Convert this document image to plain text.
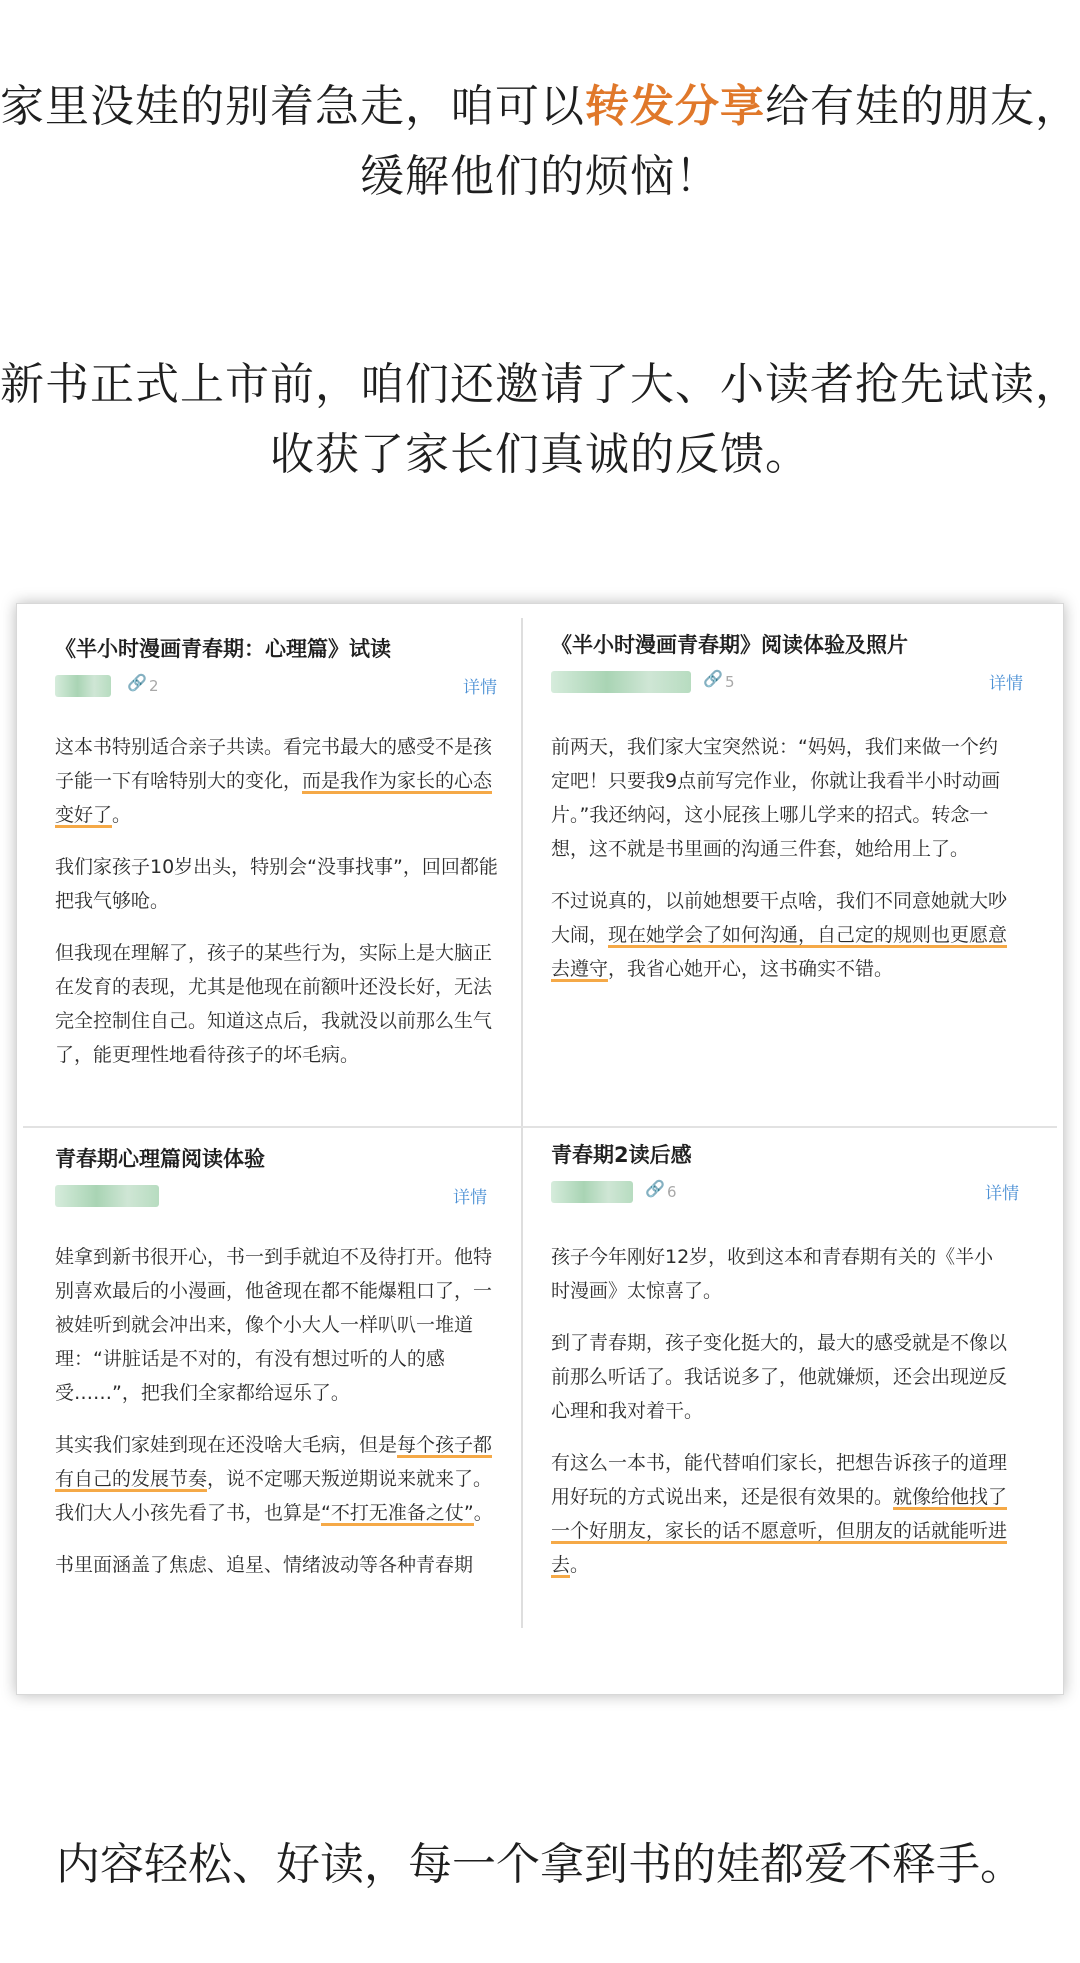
家里没娃的别着急走，咱可以转发分享给有娃的朋友，

缓解他们的烦恼！

新书正式上市前，咱们还邀请了大、小读者抢先试读，

收获了家长们真诚的反馈。

《半小时漫画青春期：心理篇》试读
🔗 2	详情

这本书特别适合亲子共读。看完书最大的感受不是孩子能一下有啥特别大的变化，而是我作为家长的心态变好了。

我们家孩子10岁出头，特别会“没事找事”，回回都能把我气够呛。

但我现在理解了，孩子的某些行为，实际上是大脑正在发育的表现，尤其是他现在前额叶还没长好，无法完全控制住自己。知道这点后，我就没以前那么生气了，能更理性地看待孩子的坏毛病。

《半小时漫画青春期》阅读体验及照片
🔗 5	详情

前两天，我们家大宝突然说：“妈妈，我们来做一个约定吧！只要我9点前写完作业，你就让我看半小时动画片。”我还纳闷，这小屁孩上哪儿学来的招式。转念一想，这不就是书里画的沟通三件套，她给用上了。

不过说真的，以前她想要干点啥，我们不同意她就大吵大闹，现在她学会了如何沟通，自己定的规则也更愿意去遵守，我省心她开心，这书确实不错。

青春期心理篇阅读体验
详情

娃拿到新书很开心，书一到手就迫不及待打开。他特别喜欢最后的小漫画，他爸现在都不能爆粗口了，一被娃听到就会冲出来，像个小大人一样叭叭一堆道理：“讲脏话是不对的，有没有想过听的人的感受……”，把我们全家都给逗乐了。

其实我们家娃到现在还没啥大毛病，但是每个孩子都有自己的发展节奏，说不定哪天叛逆期说来就来了。我们大人小孩先看了书，也算是“不打无准备之仗”。

书里面涵盖了焦虑、追星、情绪波动等各种青春期

青春期2读后感
🔗 6	详情

孩子今年刚好12岁，收到这本和青春期有关的《半小时漫画》太惊喜了。

到了青春期，孩子变化挺大的，最大的感受就是不像以前那么听话了。我话说多了，他就嫌烦，还会出现逆反心理和我对着干。

有这么一本书，能代替咱们家长，把想告诉孩子的道理用好玩的方式说出来，还是很有效果的。就像给他找了一个好朋友，家长的话不愿意听，但朋友的话就能听进去。

内容轻松、好读，每一个拿到书的娃都爱不释手。
